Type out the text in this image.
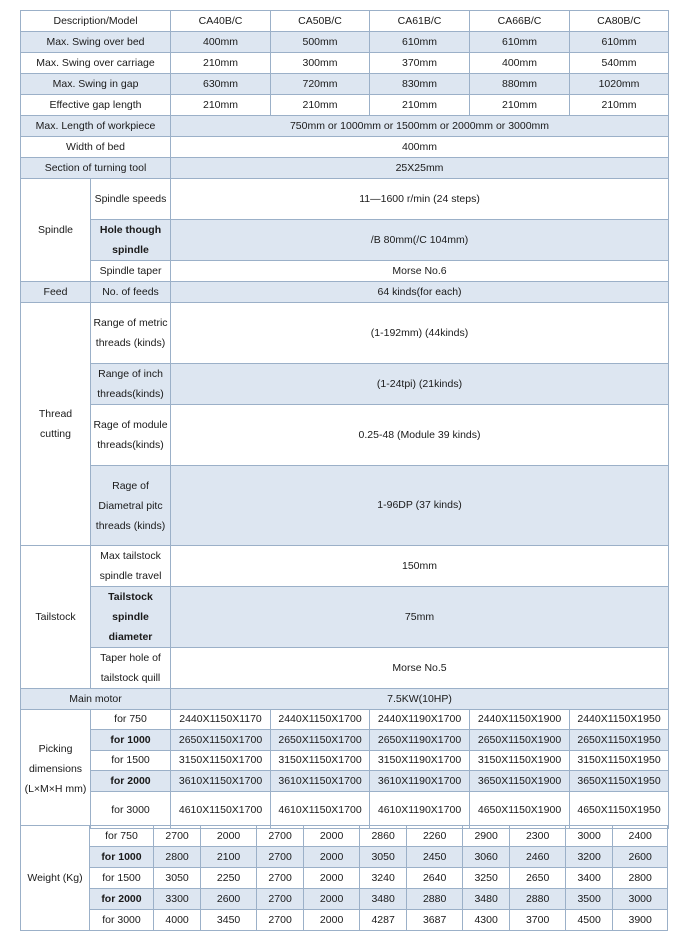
Description/Model		CA40B/C	CA50B/C	CA61B/C	CA66B/C	CA80B/C
Max. Swing over bed		400mm	500mm	610mm	610mm	610mm
Max. Swing over carriage		210mm	300mm	370mm	400mm	540mm
Max. Swing in gap		630mm	720mm	830mm	880mm	1020mm
Effective gap length		210mm	210mm	210mm	210mm	210mm
Max. Length of workpiece		750mm or 1000mm or 1500mm or 2000mm or 3000mm				
Width of bed		400mm				
Section of turning tool		25X25mm				
Spindle	Spindle speeds	11—1600 r/min (24 steps)				
	Hole though spindle	/B 80mm(/C 104mm)				
	Spindle taper	Morse No.6				
Feed	No. of feeds	64 kinds(for each)				
Thread cutting	Range of metric threads (kinds)	(1-192mm) (44kinds)				
	Range of inch threads(kinds)	(1-24tpi) (21kinds)				
	Rage of module threads(kinds)	0.25-48 (Module 39 kinds)				
	Rage of Diametral pitc threads (kinds)	1-96DP (37 kinds)				
Tailstock	Max tailstock spindle travel	150mm				
	Tailstock spindle diameter	75mm				
	Taper hole of tailstock quill	Morse No.5				
Main motor		7.5KW(10HP)				
Picking dimensions (L×M×H mm)	for 750	2440X1150X1170	2440X1150X1700	2440X1190X1700	2440X1150X1900	2440X1150X1950
	for 1000	2650X1150X1700	2650X1150X1700	2650X1190X1700	2650X1150X1900	2650X1150X1950
	for 1500	3150X1150X1700	3150X1150X1700	3150X1190X1700	3150X1150X1900	3150X1150X1950
	for 2000	3610X1150X1700	3610X1150X1700	3610X1190X1700	3650X1150X1900	3650X1150X1950
	for 3000	4610X1150X1700	4610X1150X1700	4610X1190X1700	4650X1150X1900	4650X1150X1950
Weight (Kg)	for 750	2700	2000	2700	2000	2860	2260	2900	2300	3000	2400
	for 1000	2800	2100	2700	2000	3050	2450	3060	2460	3200	2600
	for 1500	3050	2250	2700	2000	3240	2640	3250	2650	3400	2800
	for 2000	3300	2600	2700	2000	3480	2880	3480	2880	3500	3000
	for 3000	4000	3450	2700	2000	4287	3687	4300	3700	4500	3900
